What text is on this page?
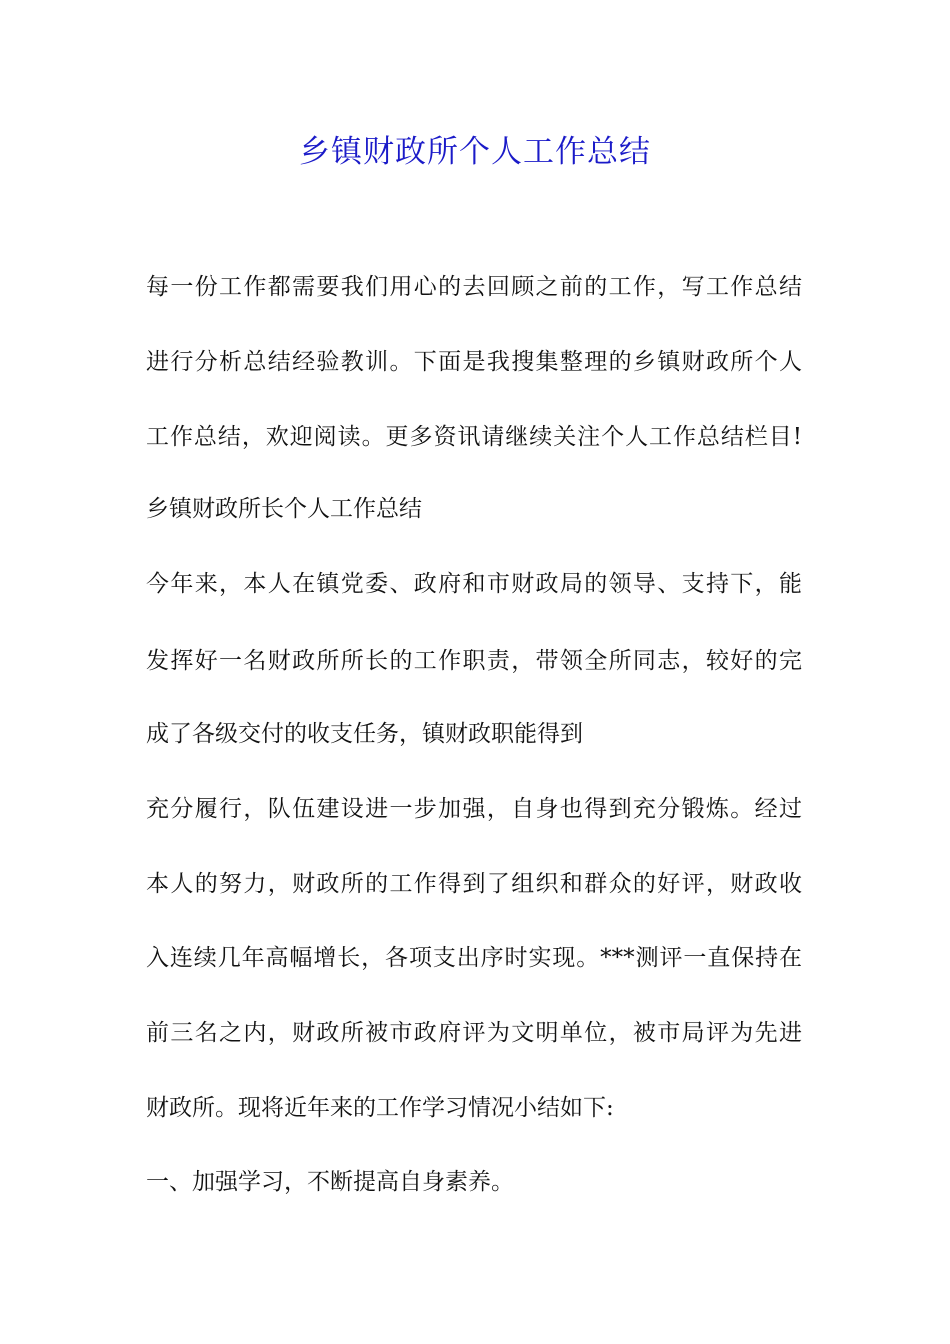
乡镇财政所个人工作总结

每一份工作都需要我们用心的去回顾之前的工作，写工作总结

进行分析总结经验教训。下面是我搜集整理的乡镇财政所个人

工作总结，欢迎阅读。更多资讯请继续关注个人工作总结栏目!

乡镇财政所长个人工作总结

今年来，本人在镇党委、政府和市财政局的领导、支持下，能

发挥好一名财政所所长的工作职责，带领全所同志，较好的完

成了各级交付的收支任务，镇财政职能得到

充分履行，队伍建设进一步加强，自身也得到充分锻炼。经过

本人的努力，财政所的工作得到了组织和群众的好评，财政收

入连续几年高幅增长，各项支出序时实现。***测评一直保持在

前三名之内，财政所被市政府评为文明单位，被市局评为先进

财政所。现将近年来的工作学习情况小结如下:

一、加强学习，不断提高自身素养。
